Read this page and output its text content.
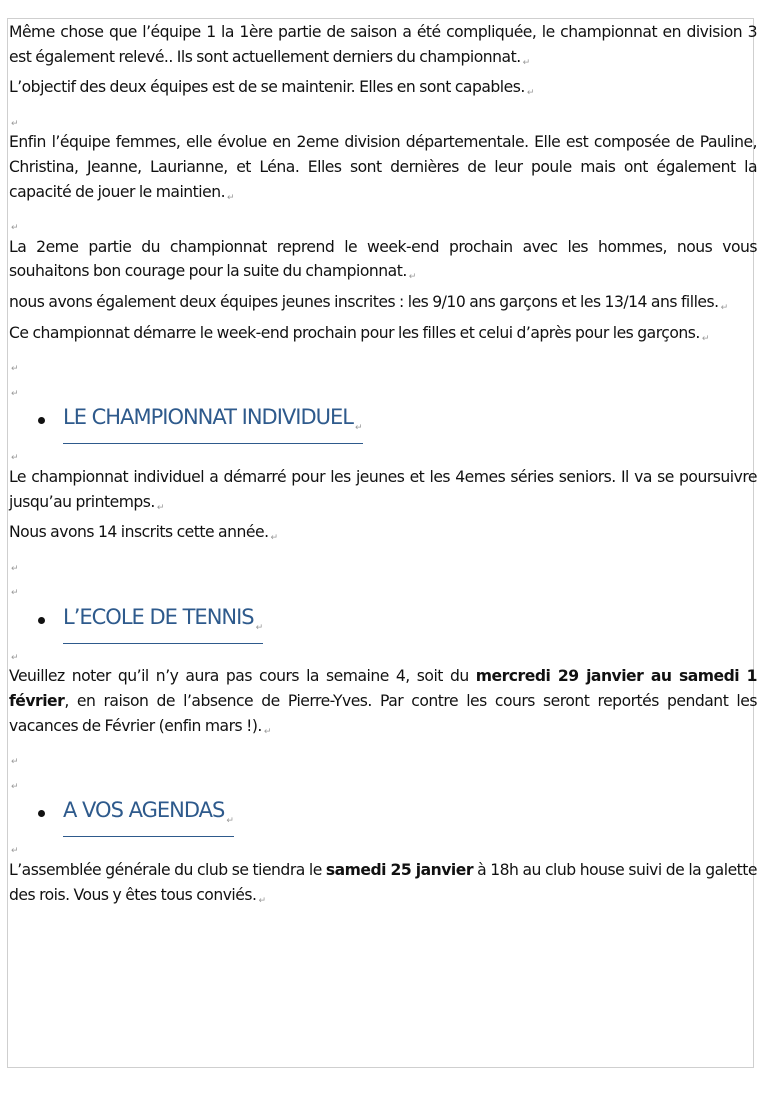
Même chose que l’équipe 1 la 1ère partie de saison a été compliquée, le championnat en division 3 est également relevé.. Ils sont actuellement derniers du championnat. ↵

L’objectif des deux équipes est de se maintenir. Elles en sont capables. ↵

↵

Enfin l’équipe femmes, elle évolue en 2eme division départementale. Elle est composée de Pauline, Christina, Jeanne, Laurianne, et Léna. Elles sont dernières de leur poule mais ont également la capacité de jouer le maintien. ↵

↵

La 2eme partie du championnat reprend le week-end prochain avec les hommes, nous vous souhaitons bon courage pour la suite du championnat. ↵

nous avons également deux équipes jeunes inscrites : les 9/10 ans garçons et les 13/14 ans filles. ↵

Ce championnat démarre le week-end prochain pour les filles et celui d’après pour les garçons. ↵

↵

↵

LE CHAMPIONNAT INDIVIDUEL $_↵$

↵

Le championnat individuel a démarré pour les jeunes et les 4emes séries seniors. Il va se poursuivre jusqu’au printemps. ↵

Nous avons 14 inscrits cette année. ↵

↵

↵

L’ECOLE DE TENNIS $_↵$

↵

Veuillez noter qu’il n’y aura pas cours la semaine 4, soit du mercredi 29 janvier au samedi 1 février, en raison de l’absence de Pierre-Yves. Par contre les cours seront reportés pendant les vacances de Février (enfin mars !). ↵

↵

↵

A VOS AGENDAS $_↵$

↵

L’assemblée générale du club se tiendra le samedi 25 janvier à 18h au club house suivi de la galette des rois. Vous y êtes tous conviés. ↵
